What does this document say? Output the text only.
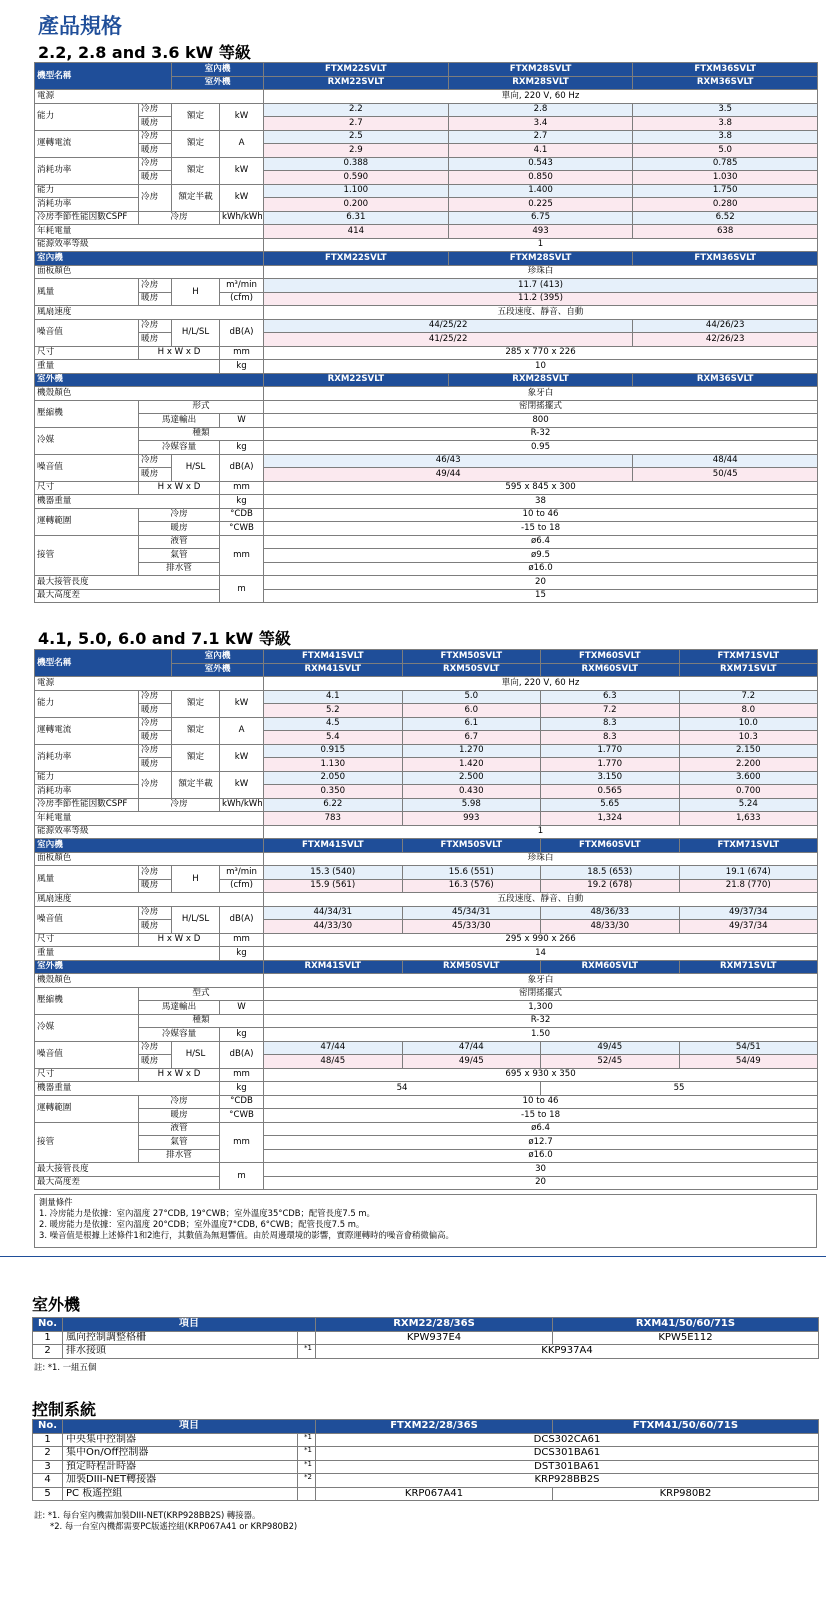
產品規格
2.2, 2.8 and 3.6 kW 等級
機型名稱		室內機		FTXM22SVLT	FTXM28SVLT	FTXM36SVLT
		室外機		RXM22SVLT	RXM28SVLT	RXM36SVLT
電源				單向, 220 V, 60 Hz		
能力	冷房	額定	kW	2.2	2.8	3.5
	暖房			2.7	3.4	3.8
運轉電流	冷房	額定	A	2.5	2.7	3.8
	暖房			2.9	4.1	5.0
消耗功率	冷房	額定	kW	0.388	0.543	0.785
	暖房			0.590	0.850	1.030
能力	冷房	額定半載	kW	1.100	1.400	1.750
消耗功率				0.200	0.225	0.280
冷房季節性能因數CSPF	冷房		kWh/kWh	6.31	6.75	6.52
年耗電量				414	493	638
能源效率等級				1		
室內機				FTXM22SVLT	FTXM28SVLT	FTXM36SVLT
面板顏色				珍珠白		
風量	冷房	H	m³/min	11.7 (413)		
	暖房		(cfm)	11.2 (395)		
風扇速度				五段速度、靜音、自動		
噪音值	冷房	H/L/SL	dB(A)	44/25/22		44/26/23
	暖房			41/25/22		42/26/23
尺寸	H x W x D		mm	285 x 770 x 226		
重量			kg	10		
室外機				RXM22SVLT	RXM28SVLT	RXM36SVLT
機殼顏色				象牙白		
壓縮機	形式			密閉搖擺式		
	馬達輸出		W	800		
冷媒	種類			R-32		
	冷媒容量		kg	0.95		
噪音值	冷房	H/SL	dB(A)	46/43		48/44
	暖房			49/44		50/45
尺寸	H x W x D		mm	595 x 845 x 300		
機器重量			kg	38		
運轉範圍	冷房		°CDB	10 to 46		
	暖房		°CWB	-15 to 18		
接管	液管		mm	ø6.4		
	氣管			ø9.5		
	排水管			ø16.0		
最大接管長度			m	20		
最大高度差				15		
4.1, 5.0, 6.0 and 7.1 kW 等級
機型名稱		室內機		FTXM41SVLT	FTXM50SVLT	FTXM60SVLT	FTXM71SVLT
		室外機		RXM41SVLT	RXM50SVLT	RXM60SVLT	RXM71SVLT
電源				單向, 220 V, 60 Hz			
能力	冷房	額定	kW	4.1	5.0	6.3	7.2
	暖房			5.2	6.0	7.2	8.0
運轉電流	冷房	額定	A	4.5	6.1	8.3	10.0
	暖房			5.4	6.7	8.3	10.3
消耗功率	冷房	額定	kW	0.915	1.270	1.770	2.150
	暖房			1.130	1.420	1.770	2.200
能力	冷房	額定半載	kW	2.050	2.500	3.150	3.600
消耗功率				0.350	0.430	0.565	0.700
冷房季節性能因數CSPF	冷房		kWh/kWh	6.22	5.98	5.65	5.24
年耗電量				783	993	1,324	1,633
能源效率等級				1			
室內機				FTXM41SVLT	FTXM50SVLT	FTXM60SVLT	FTXM71SVLT
面板顏色				珍珠白			
風量	冷房	H	m³/min	15.3 (540)	15.6 (551)	18.5 (653)	19.1 (674)
	暖房		(cfm)	15.9 (561)	16.3 (576)	19.2 (678)	21.8 (770)
風扇速度				五段速度、靜音、自動			
噪音值	冷房	H/L/SL	dB(A)	44/34/31	45/34/31	48/36/33	49/37/34
	暖房			44/33/30	45/33/30	48/33/30	49/37/34
尺寸	H x W x D		mm	295 x 990 x 266			
重量			kg	14			
室外機				RXM41SVLT	RXM50SVLT	RXM60SVLT	RXM71SVLT
機殼顏色				象牙白			
壓縮機	型式			密閉搖擺式			
	馬達輸出		W	1,300			
冷媒	種類			R-32			
	冷媒容量		kg	1.50			
噪音值	冷房	H/SL	dB(A)	47/44	47/44	49/45	54/51
	暖房			48/45	49/45	52/45	54/49
尺寸	H x W x D		mm	695 x 930 x 350			
機器重量			kg	54		55	
運轉範圍	冷房		°CDB	10 to 46			
	暖房		°CWB	-15 to 18			
接管	液管		mm	ø6.4			
	氣管			ø12.7			
	排水管			ø16.0			
最大接管長度			m	30			
最大高度差				20			
測量條件
1. 冷房能力是依據：室內溫度 27°CDB, 19°CWB；室外溫度35°CDB；配管長度7.5 m。
2. 暖房能力是依據：室內溫度 20°CDB；室外溫度7°CDB, 6°CWB；配管長度7.5 m。
3. 噪音值是根據上述條件1和2進行，其數值為無迴響值。由於周邊環境的影響，實際運轉時的噪音會稍微偏高。
室外機
No.	項目		RXM22/28/36S	RXM41/50/60/71S
1	風向控制調整格柵		KPW937E4	KPW5E112
2	排水接頭	*1	KKP937A4	
註: *1. 一組五個
控制系統
No.	項目		FTXM22/28/36S	FTXM41/50/60/71S
1	中央集中控制器	*1	DCS302CA61	
2	集中On/Off控制器	*1	DCS301BA61	
3	預定時程計時器	*1	DST301BA61	
4	加裝DIII-NET轉接器	*2	KRP928BB2S	
5	PC 板遙控組		KRP067A41	KRP980B2
註: *1. 每台室內機需加裝DIII-NET(KRP928BB2S) 轉接器。
*2. 每一台室內機都需要PC版遙控組(KRP067A41 or KRP980B2)
